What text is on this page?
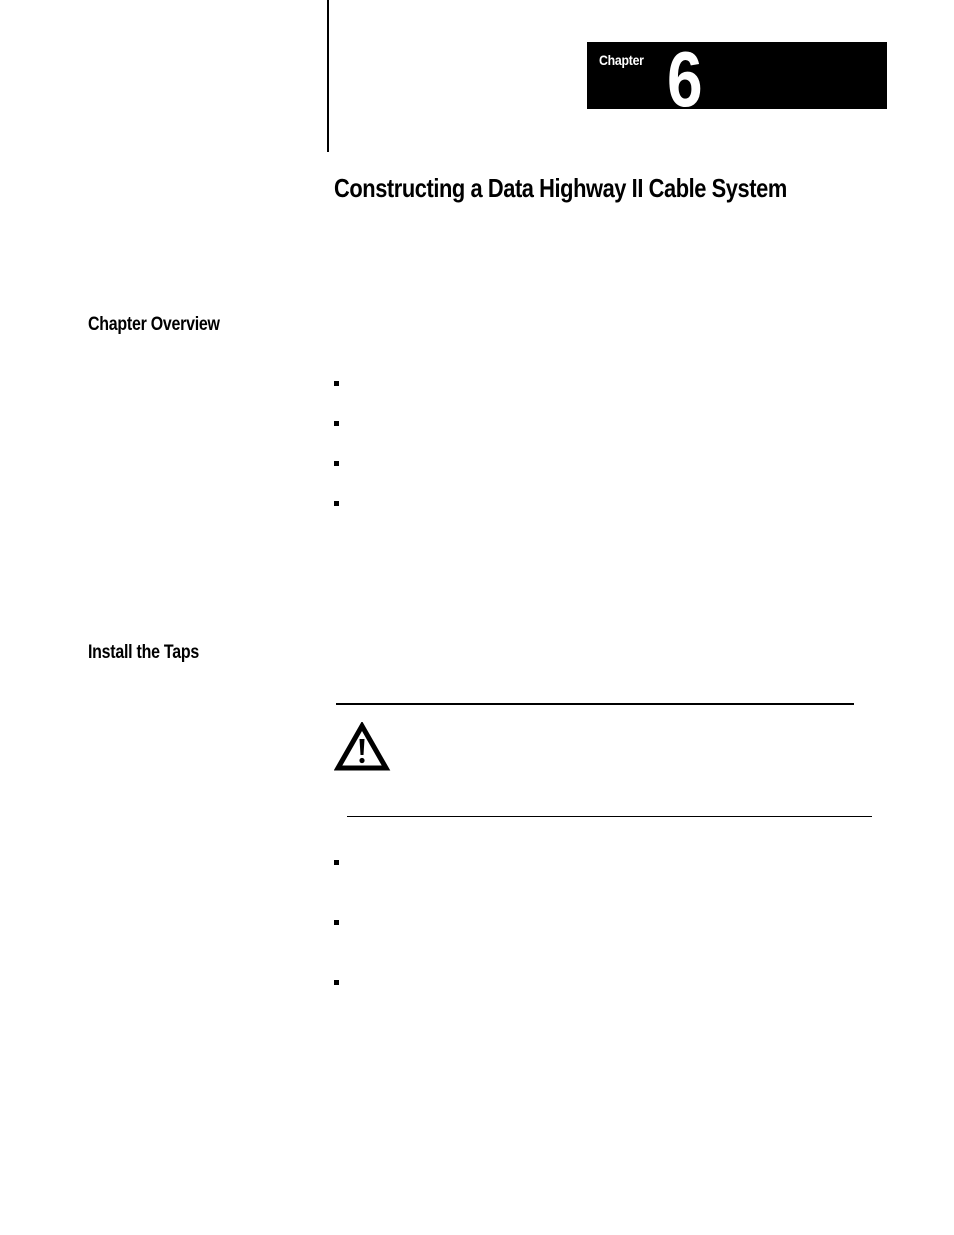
Chapter 6
Constructing a Data Highway II Cable System
Chapter Overview
Install the Taps
